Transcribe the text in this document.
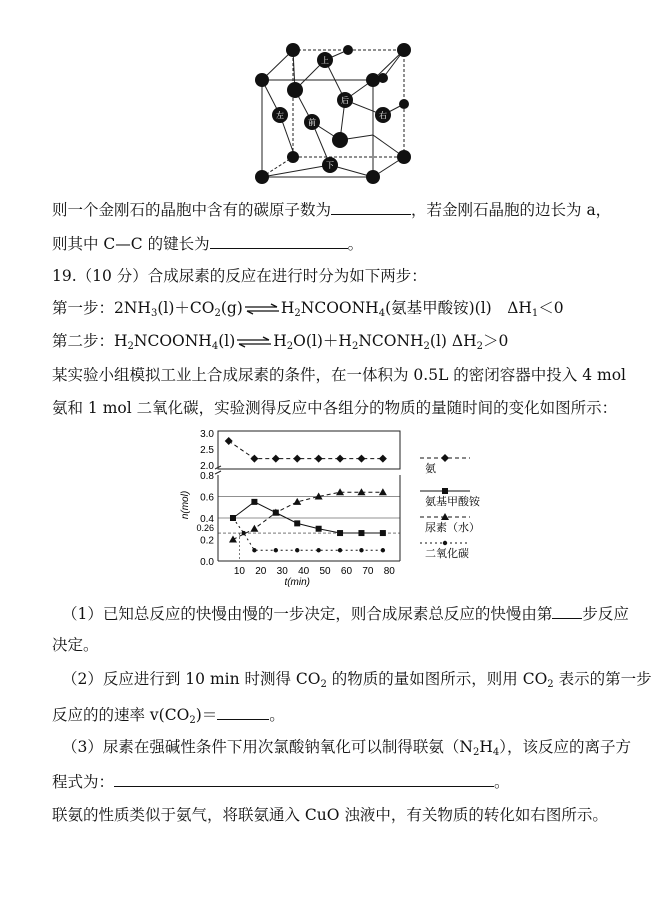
上
左
前
后
右
下
则一个金刚石的晶胞中含有的碳原子数为	，若金刚石晶胞的边长为 a，
则其中 C—C 的键长为	。
19.（10 分）合成尿素的反应在进行时分为如下两步：
第一步：$2NH_3(l)+CO_2(g)\rightleftharpoons H_2NCOONH_4$(氨基甲酸铵)(l)　$\Delta H_1<0$
第二步：$H_2NCOONH_4(l)\rightleftharpoons H_2O(l)+H_2NCONH_2(l)$ $\Delta H_2>0$
某实验小组模拟工业上合成尿素的条件，在一体积为 0.5L 的密闭容器中投入 4 mol
氨和 1 mol 二氧化碳，实验测得反应中各组分的物质的量随时间的变化如图所示：
2.0
2.5
3.0
0.0
0.2
0.4
0.6
0.8
0.26
n(mol)
10 20 30 40 50 60 70 80
t(min)
氨
氨基甲酸铵
尿素（水）
二氧化碳
（1）已知总反应的快慢由慢的一步决定，则合成尿素总反应的快慢由第 步反应
决定。
（2）反应进行到 10 min 时测得 $CO_2$ 的物质的量如图所示，则用 $CO_2$ 表示的第一步
反应的的速率 $v(CO_2)=$	。
（3）尿素在强碱性条件下用次氯酸钠氧化可以制得联氨$(N_2H_4)$，该反应的离子方
程式为：	。
联氨的性质类似于氨气，将联氨通入 CuO 浊液中，有关物质的转化如右图所示。
